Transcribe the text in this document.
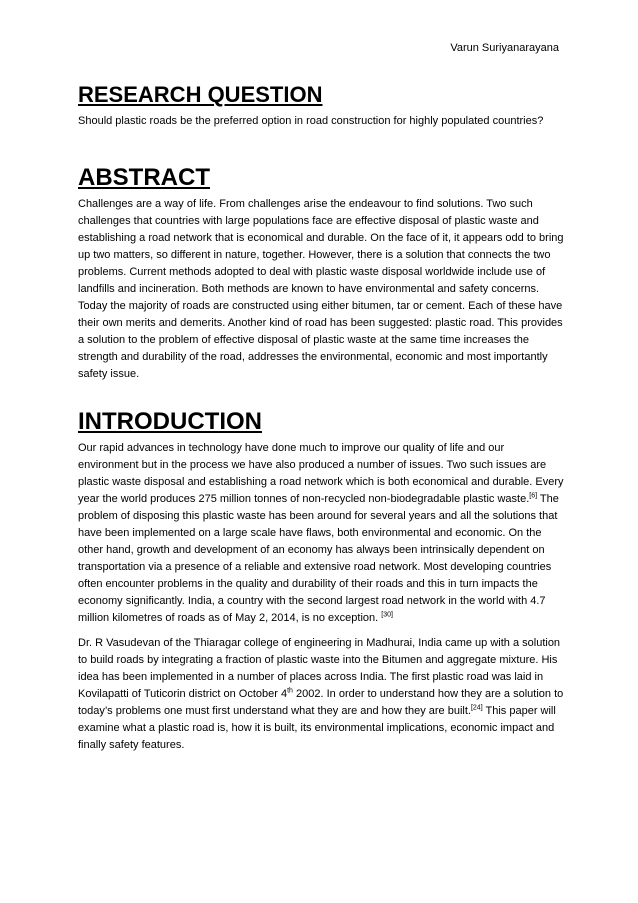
Varun Suriyanarayana
RESEARCH QUESTION

Should plastic roads be the preferred option in road construction for highly populated countries?

ABSTRACT

Challenges are a way of life. From challenges arise the endeavour to find solutions. Two such challenges that countries with large populations face are effective disposal of plastic waste and establishing a road network that is economical and durable. On the face of it, it appears odd to bring up two matters, so different in nature, together. However, there is a solution that connects the two problems. Current methods adopted to deal with plastic waste disposal worldwide include use of landfills and incineration. Both methods are known to have environmental and safety concerns. Today the majority of roads are constructed using either bitumen, tar or cement. Each of these have their own merits and demerits. Another kind of road has been suggested: plastic road. This provides a solution to the problem of effective disposal of plastic waste at the same time increases the strength and durability of the road, addresses the environmental, economic and most importantly safety issue.

INTRODUCTION

Our rapid advances in technology have done much to improve our quality of life and our environment but in the process we have also produced a number of issues. Two such issues are plastic waste disposal and establishing a road network which is both economical and durable. Every year the world produces 275 million tonnes of non-recycled non-biodegradable plastic waste.[6] The problem of disposing this plastic waste has been around for several years and all the solutions that have been implemented on a large scale have flaws, both environmental and economic. On the other hand, growth and development of an economy has always been intrinsically dependent on transportation via a presence of a reliable and extensive road network. Most developing countries often encounter problems in the quality and durability of their roads and this in turn impacts the economy significantly. India, a country with the second largest road network in the world with 4.7 million kilometres of roads as of May 2, 2014, is no exception. [30]

Dr. R Vasudevan of the Thiaragar college of engineering in Madhurai, India came up with a solution to build roads by integrating a fraction of plastic waste into the Bitumen and aggregate mixture. His idea has been implemented in a number of places across India. The first plastic road was laid in Kovilapatti of Tuticorin district on October 4th 2002. In order to understand how they are a solution to today’s problems one must first understand what they are and how they are built.[24] This paper will examine what a plastic road is, how it is built, its environmental implications, economic impact and finally safety features.
